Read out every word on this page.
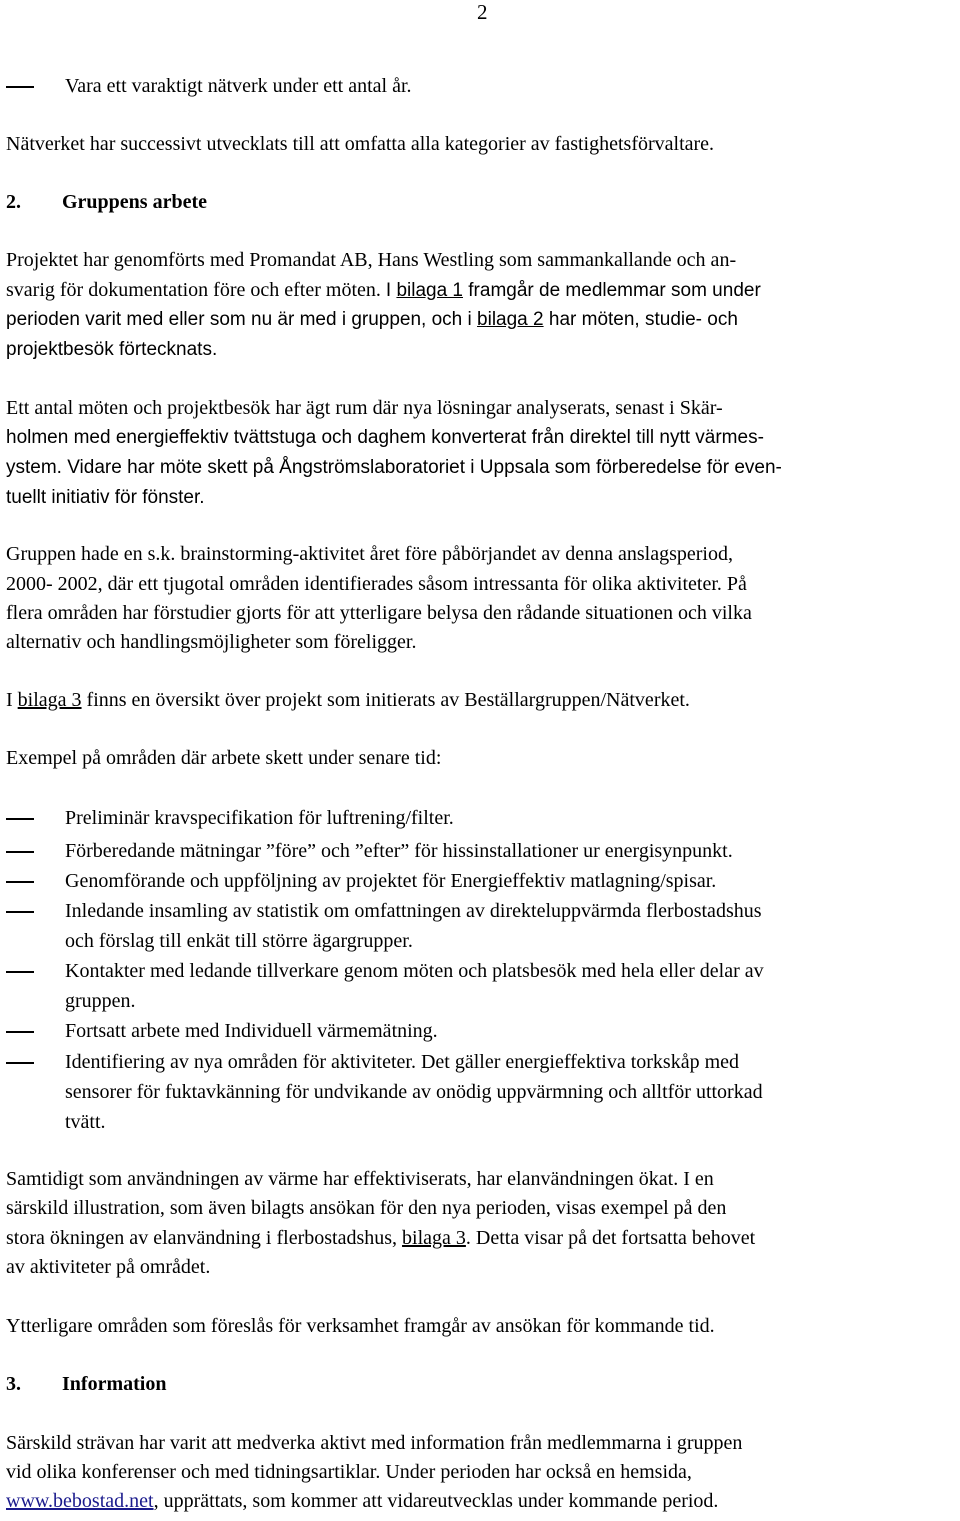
2
Vara ett varaktigt nätverk under ett antal år.
Nätverket har successivt utvecklats till att omfatta alla kategorier av fastighetsförvaltare.
2. Gruppens arbete
Projektet har genomförts med Promandat AB, Hans Westling som sammankallande och an-
svarig för dokumentation före och efter möten. I bilaga 1 framgår de medlemmar som under
perioden varit med eller som nu är med i gruppen, och i bilaga 2 har möten, studie- och
projektbesök förtecknats.
Ett antal möten och projektbesök har ägt rum där nya lösningar analyserats, senast i Skär-
holmen med energieffektiv tvättstuga och daghem konverterat från direktel till nytt värmes-
ystem. Vidare har möte skett på Ångströmslaboratoriet i Uppsala som förberedelse för even-
tuellt initiativ för fönster.
Gruppen hade en s.k. brainstorming-aktivitet året före påbörjandet av denna anslagsperiod,
2000- 2002, där ett tjugotal områden identifierades såsom intressanta för olika aktiviteter. På
flera områden har förstudier gjorts för att ytterligare belysa den rådande situationen och vilka
alternativ och handlingsmöjligheter som föreligger.
I bilaga 3 finns en översikt över projekt som initierats av Beställargruppen/Nätverket.
Exempel på områden där arbete skett under senare tid:
Preliminär kravspecifikation för luftrening/filter.
Förberedande mätningar ”före” och ”efter” för hissinstallationer ur energisynpunkt.
Genomförande och uppföljning av projektet för Energieffektiv matlagning/spisar.
Inledande insamling av statistik om omfattningen av direkteluppvärmda flerbostadshus
och förslag till enkät till större ägargrupper.
Kontakter med ledande tillverkare genom möten och platsbesök med hela eller delar av
gruppen.
Fortsatt arbete med Individuell värmemätning.
Identifiering av nya områden för aktiviteter. Det gäller energieffektiva torkskåp med
sensorer för fuktavkänning för undvikande av onödig uppvärmning och alltför uttorkad
tvätt.
Samtidigt som användningen av värme har effektiviserats, har elanvändningen ökat. I en
särskild illustration, som även bilagts ansökan för den nya perioden, visas exempel på den
stora ökningen av elanvändning i flerbostadshus, bilaga 3. Detta visar på det fortsatta behovet
av aktiviteter på området.
Ytterligare områden som föreslås för verksamhet framgår av ansökan för kommande tid.
3. Information
Särskild strävan har varit att medverka aktivt med information från medlemmarna i gruppen
vid olika konferenser och med tidningsartiklar. Under perioden har också en hemsida,
www.bebostad.net, upprättats, som kommer att vidareutvecklas under kommande period.
